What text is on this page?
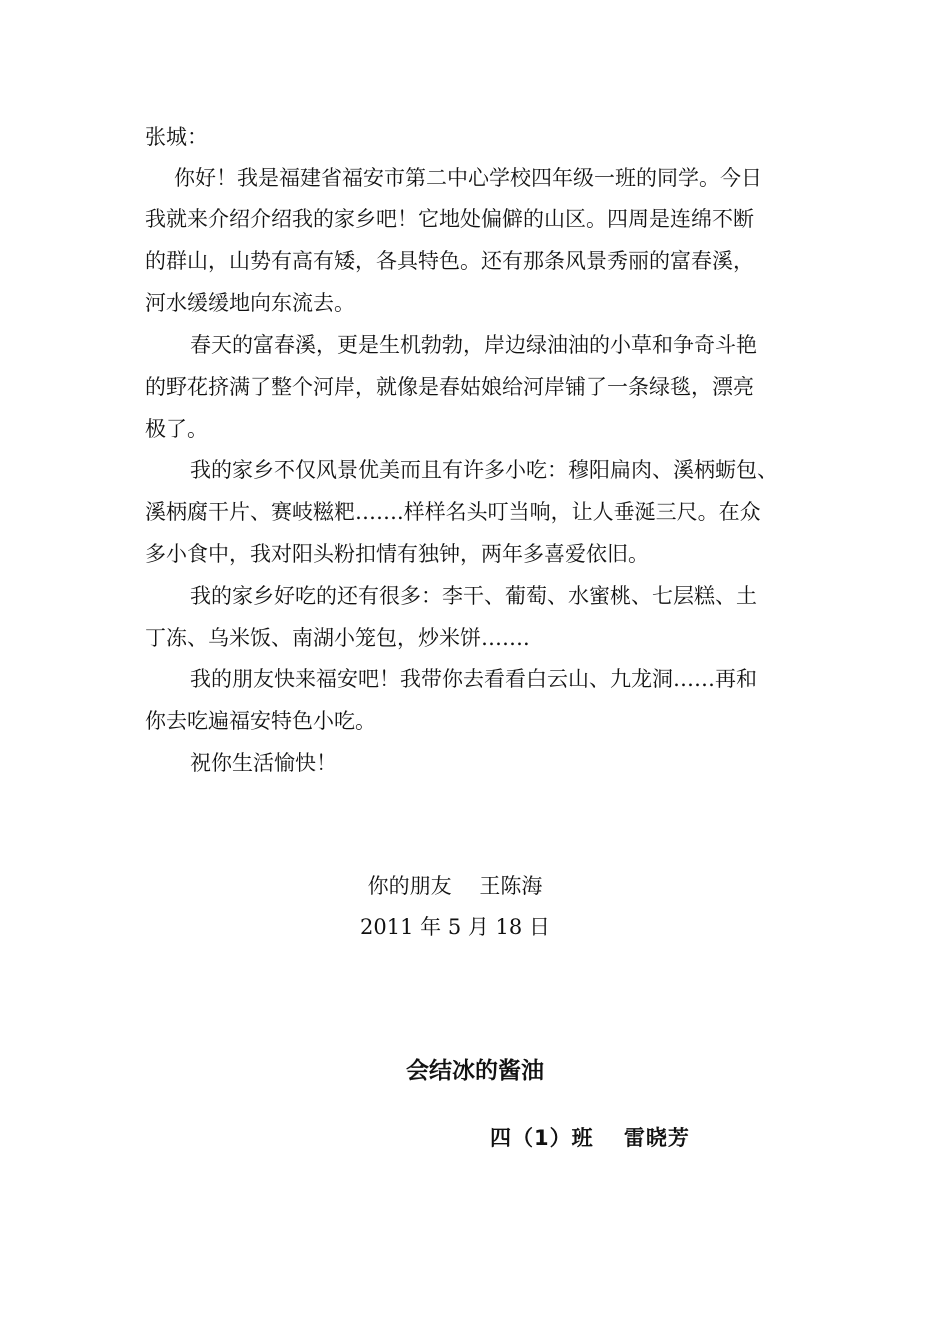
张城：
你好！我是福建省福安市第二中心学校四年级一班的同学。今日
我就来介绍介绍我的家乡吧！它地处偏僻的山区。四周是连绵不断
的群山，山势有高有矮，各具特色。还有那条风景秀丽的富春溪，
河水缓缓地向东流去。
春天的富春溪，更是生机勃勃，岸边绿油油的小草和争奇斗艳
的野花挤满了整个河岸，就像是春姑娘给河岸铺了一条绿毯，漂亮
极了。
我的家乡不仅风景优美而且有许多小吃：穆阳扁肉、溪柄蛎包、
溪柄腐干片、赛岐糍粑…….样样名头叮当响，让人垂涎三尺。在众
多小食中，我对阳头粉扣情有独钟，两年多喜爱依旧。
我的家乡好吃的还有很多：李干、葡萄、水蜜桃、七层糕、土
丁冻、乌米饭、南湖小笼包，炒米饼…….
我的朋友快来福安吧！我带你去看看白云山、九龙洞……再和
你去吃遍福安特色小吃。
祝你生活愉快！
你的朋友　 王陈海
2011 年 5 月 18 日
会结冰的酱油
四（1）班　 雷晓芳
